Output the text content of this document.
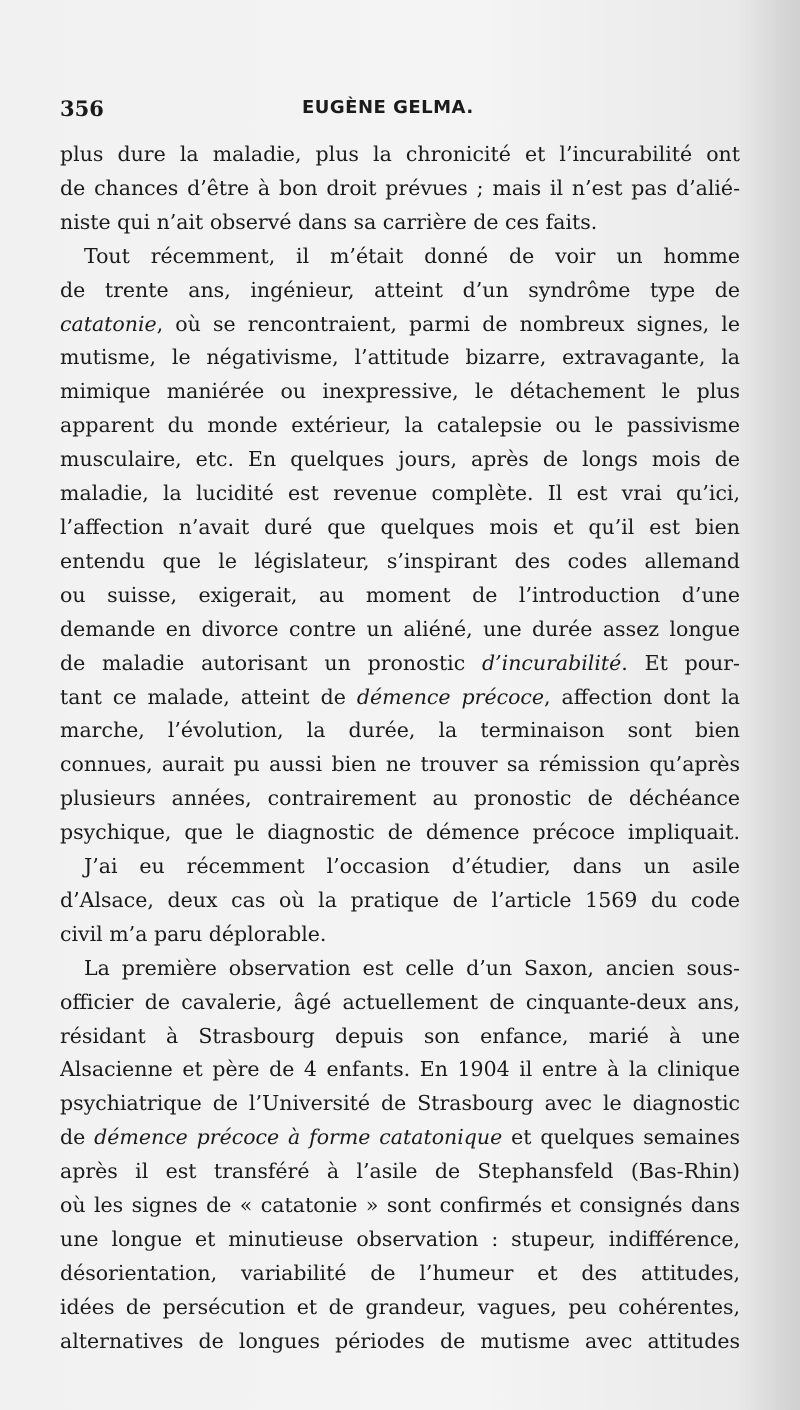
356	EUGÈNE GELMA.

plus dure la maladie, plus la chronicité et l’incurabilité ont
de chances d’être à bon droit prévues ; mais il n’est pas d’alié-
niste qui n’ait observé dans sa carrière de ces faits.

Tout récemment, il m’était donné de voir un homme
de trente ans, ingénieur, atteint d’un syndrôme type de
catatonie, où se rencontraient, parmi de nombreux signes, le
mutisme, le négativisme, l’attitude bizarre, extravagante, la
mimique maniérée ou inexpressive, le détachement le plus
apparent du monde extérieur, la catalepsie ou le passivisme
musculaire, etc. En quelques jours, après de longs mois de
maladie, la lucidité est revenue complète. Il est vrai qu’ici,
l’affection n’avait duré que quelques mois et qu’il est bien
entendu que le législateur, s’inspirant des codes allemand
ou suisse, exigerait, au moment de l’introduction d’une
demande en divorce contre un aliéné, une durée assez longue
de maladie autorisant un pronostic d’incurabilité. Et pour-
tant ce malade, atteint de démence précoce, affection dont la
marche, l’évolution, la durée, la terminaison sont bien
connues, aurait pu aussi bien ne trouver sa rémission qu’après
plusieurs années, contrairement au pronostic de déchéance
psychique, que le diagnostic de démence précoce impliquait.

J’ai eu récemment l’occasion d’étudier, dans un asile
d’Alsace, deux cas où la pratique de l’article 1569 du code
civil m’a paru déplorable.

La première observation est celle d’un Saxon, ancien sous-
officier de cavalerie, âgé actuellement de cinquante-deux ans,
résidant à Strasbourg depuis son enfance, marié à une
Alsacienne et père de 4 enfants. En 1904 il entre à la clinique
psychiatrique de l’Université de Strasbourg avec le diagnostic
de démence précoce à forme catatonique et quelques semaines
après il est transféré à l’asile de Stephansfeld (Bas-Rhin)
où les signes de « catatonie » sont confirmés et consignés dans
une longue et minutieuse observation : stupeur, indifférence,
désorientation, variabilité de l’humeur et des attitudes,
idées de persécution et de grandeur, vagues, peu cohérentes,
alternatives de longues périodes de mutisme avec attitudes
